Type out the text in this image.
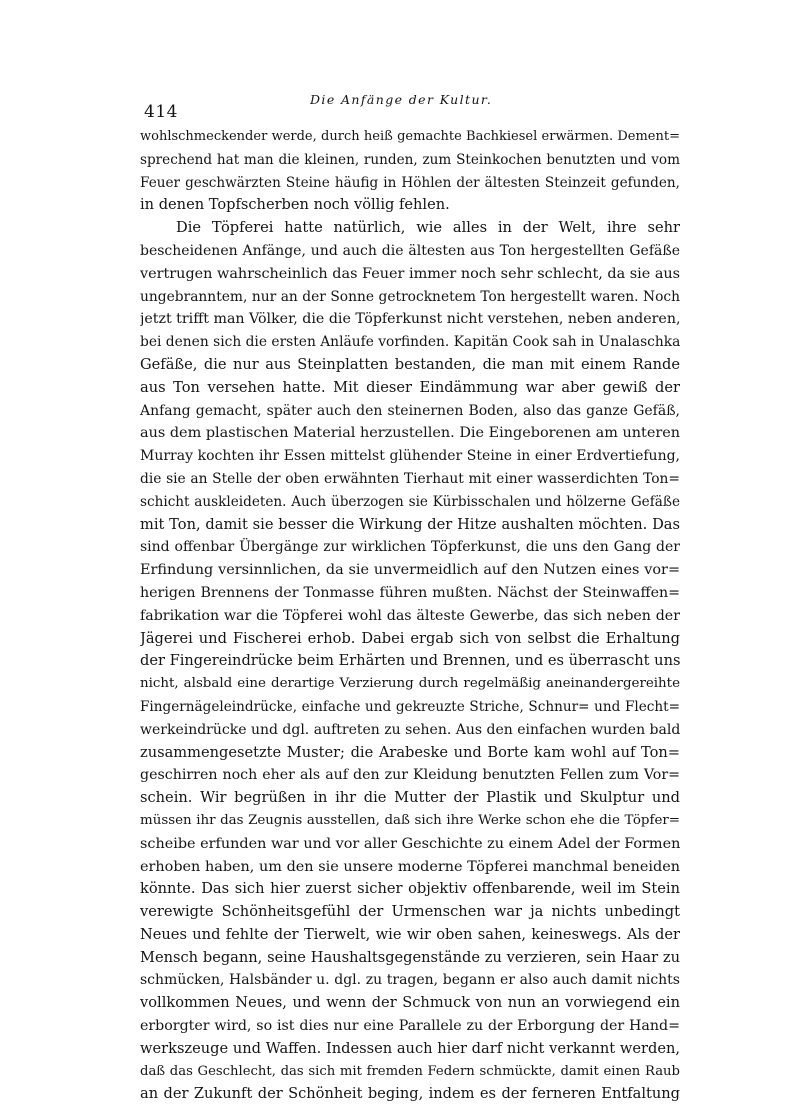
414
Die Anfänge der Kultur.
wohlschmeckender werde, durch heiß gemachte Bachkiesel erwärmen. Dement=
sprechend hat man die kleinen, runden, zum Steinkochen benutzten und vom
Feuer geschwärzten Steine häufig in Höhlen der ältesten Steinzeit gefunden,
in denen Topfscherben noch völlig fehlen.
Die Töpferei hatte natürlich, wie alles in der Welt, ihre sehr
bescheidenen Anfänge, und auch die ältesten aus Ton hergestellten Gefäße
vertrugen wahrscheinlich das Feuer immer noch sehr schlecht, da sie aus
ungebranntem, nur an der Sonne getrocknetem Ton hergestellt waren. Noch
jetzt trifft man Völker, die die Töpferkunst nicht verstehen, neben anderen,
bei denen sich die ersten Anläufe vorfinden. Kapitän Cook sah in Unalaschka
Gefäße, die nur aus Steinplatten bestanden, die man mit einem Rande
aus Ton versehen hatte. Mit dieser Eindämmung war aber gewiß der
Anfang gemacht, später auch den steinernen Boden, also das ganze Gefäß,
aus dem plastischen Material herzustellen. Die Eingeborenen am unteren
Murray kochten ihr Essen mittelst glühender Steine in einer Erdvertiefung,
die sie an Stelle der oben erwähnten Tierhaut mit einer wasserdichten Ton=
schicht auskleideten. Auch überzogen sie Kürbisschalen und hölzerne Gefäße
mit Ton, damit sie besser die Wirkung der Hitze aushalten möchten. Das
sind offenbar Übergänge zur wirklichen Töpferkunst, die uns den Gang der
Erfindung versinnlichen, da sie unvermeidlich auf den Nutzen eines vor=
herigen Brennens der Tonmasse führen mußten. Nächst der Steinwaffen=
fabrikation war die Töpferei wohl das älteste Gewerbe, das sich neben der
Jägerei und Fischerei erhob. Dabei ergab sich von selbst die Erhaltung
der Fingereindrücke beim Erhärten und Brennen, und es überrascht uns
nicht, alsbald eine derartige Verzierung durch regelmäßig aneinandergereihte
Fingernägeleindrücke, einfache und gekreuzte Striche, Schnur= und Flecht=
werkeindrücke und dgl. auftreten zu sehen. Aus den einfachen wurden bald
zusammengesetzte Muster; die Arabeske und Borte kam wohl auf Ton=
geschirren noch eher als auf den zur Kleidung benutzten Fellen zum Vor=
schein. Wir begrüßen in ihr die Mutter der Plastik und Skulptur und
müssen ihr das Zeugnis ausstellen, daß sich ihre Werke schon ehe die Töpfer=
scheibe erfunden war und vor aller Geschichte zu einem Adel der Formen
erhoben haben, um den sie unsere moderne Töpferei manchmal beneiden
könnte. Das sich hier zuerst sicher objektiv offenbarende, weil im Stein
verewigte Schönheitsgefühl der Urmenschen war ja nichts unbedingt
Neues und fehlte der Tierwelt, wie wir oben sahen, keineswegs. Als der
Mensch begann, seine Haushaltsgegenstände zu verzieren, sein Haar zu
schmücken, Halsbänder u. dgl. zu tragen, begann er also auch damit nichts
vollkommen Neues, und wenn der Schmuck von nun an vorwiegend ein
erborgter wird, so ist dies nur eine Parallele zu der Erborgung der Hand=
werkszeuge und Waffen. Indessen auch hier darf nicht verkannt werden,
daß das Geschlecht, das sich mit fremden Federn schmückte, damit einen Raub
an der Zukunft der Schönheit beging, indem es der ferneren Entfaltung
